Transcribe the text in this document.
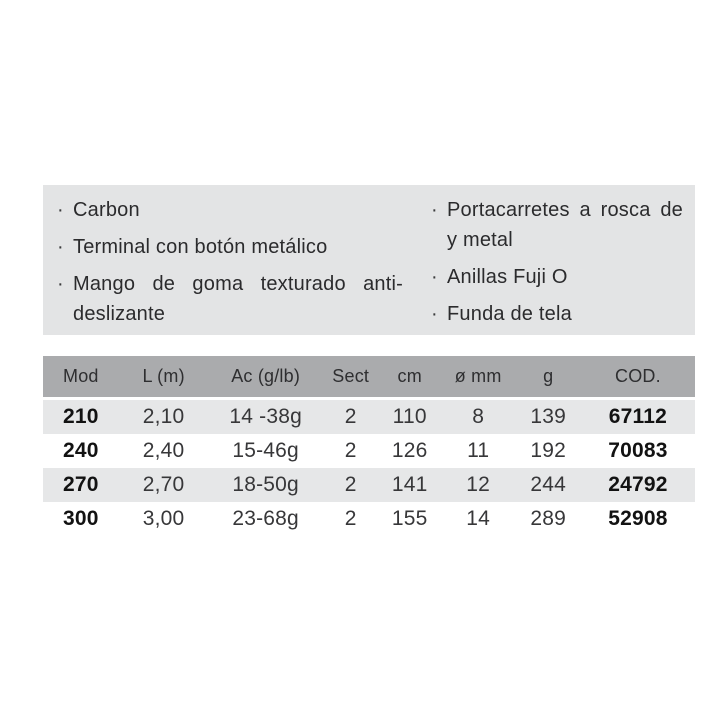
· Carbon
· Terminal con botón metálico
· Mango de goma texturado anti-deslizante
· Portacarretes a rosca de y metal
· Anillas Fuji O
· Funda de tela
Mod	L (m)	Ac (g/lb)	Sect	cm	ø mm	g	COD.
210	2,10	14 -38g	2	110	8	139	67112
240	2,40	15-46g	2	126	11	192	70083
270	2,70	18-50g	2	141	12	244	24792
300	3,00	23-68g	2	155	14	289	52908
